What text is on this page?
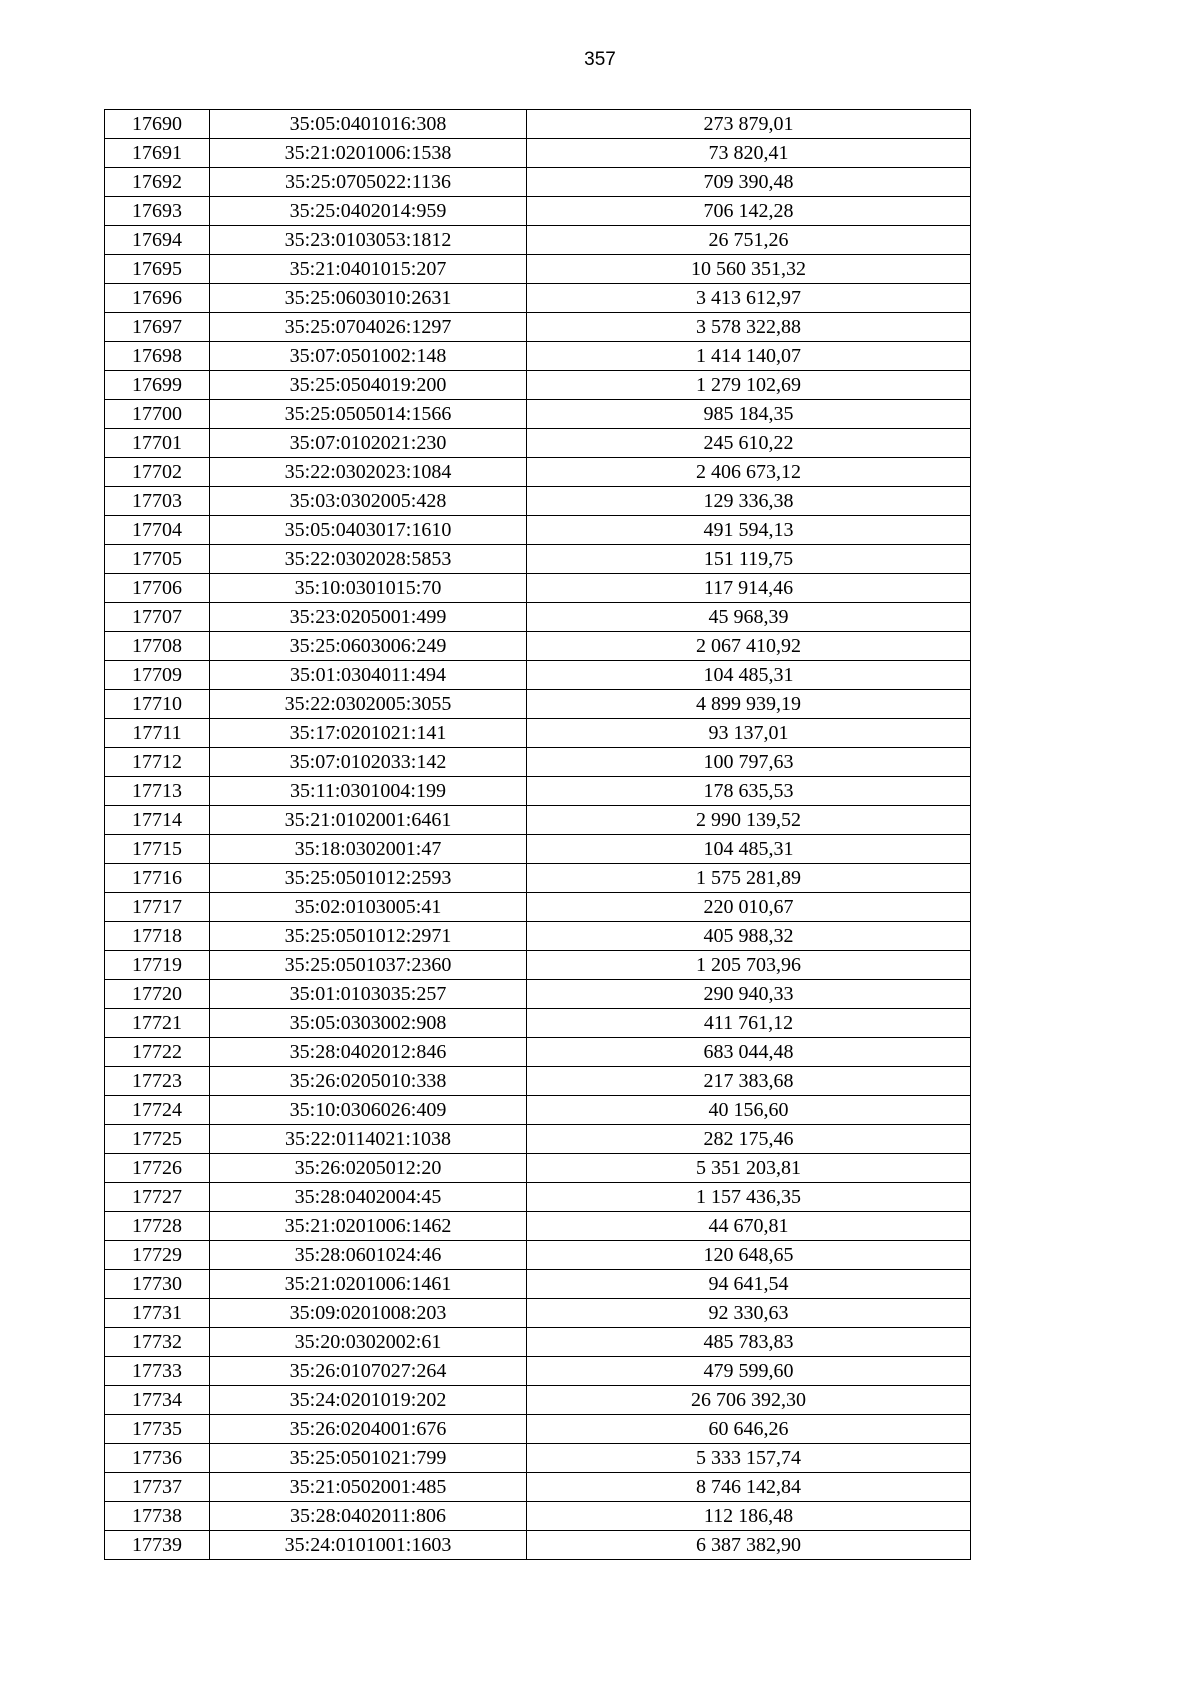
357
17690	35:05:0401016:308	273 879,01
17691	35:21:0201006:1538	73 820,41
17692	35:25:0705022:1136	709 390,48
17693	35:25:0402014:959	706 142,28
17694	35:23:0103053:1812	26 751,26
17695	35:21:0401015:207	10 560 351,32
17696	35:25:0603010:2631	3 413 612,97
17697	35:25:0704026:1297	3 578 322,88
17698	35:07:0501002:148	1 414 140,07
17699	35:25:0504019:200	1 279 102,69
17700	35:25:0505014:1566	985 184,35
17701	35:07:0102021:230	245 610,22
17702	35:22:0302023:1084	2 406 673,12
17703	35:03:0302005:428	129 336,38
17704	35:05:0403017:1610	491 594,13
17705	35:22:0302028:5853	151 119,75
17706	35:10:0301015:70	117 914,46
17707	35:23:0205001:499	45 968,39
17708	35:25:0603006:249	2 067 410,92
17709	35:01:0304011:494	104 485,31
17710	35:22:0302005:3055	4 899 939,19
17711	35:17:0201021:141	93 137,01
17712	35:07:0102033:142	100 797,63
17713	35:11:0301004:199	178 635,53
17714	35:21:0102001:6461	2 990 139,52
17715	35:18:0302001:47	104 485,31
17716	35:25:0501012:2593	1 575 281,89
17717	35:02:0103005:41	220 010,67
17718	35:25:0501012:2971	405 988,32
17719	35:25:0501037:2360	1 205 703,96
17720	35:01:0103035:257	290 940,33
17721	35:05:0303002:908	411 761,12
17722	35:28:0402012:846	683 044,48
17723	35:26:0205010:338	217 383,68
17724	35:10:0306026:409	40 156,60
17725	35:22:0114021:1038	282 175,46
17726	35:26:0205012:20	5 351 203,81
17727	35:28:0402004:45	1 157 436,35
17728	35:21:0201006:1462	44 670,81
17729	35:28:0601024:46	120 648,65
17730	35:21:0201006:1461	94 641,54
17731	35:09:0201008:203	92 330,63
17732	35:20:0302002:61	485 783,83
17733	35:26:0107027:264	479 599,60
17734	35:24:0201019:202	26 706 392,30
17735	35:26:0204001:676	60 646,26
17736	35:25:0501021:799	5 333 157,74
17737	35:21:0502001:485	8 746 142,84
17738	35:28:0402011:806	112 186,48
17739	35:24:0101001:1603	6 387 382,90
